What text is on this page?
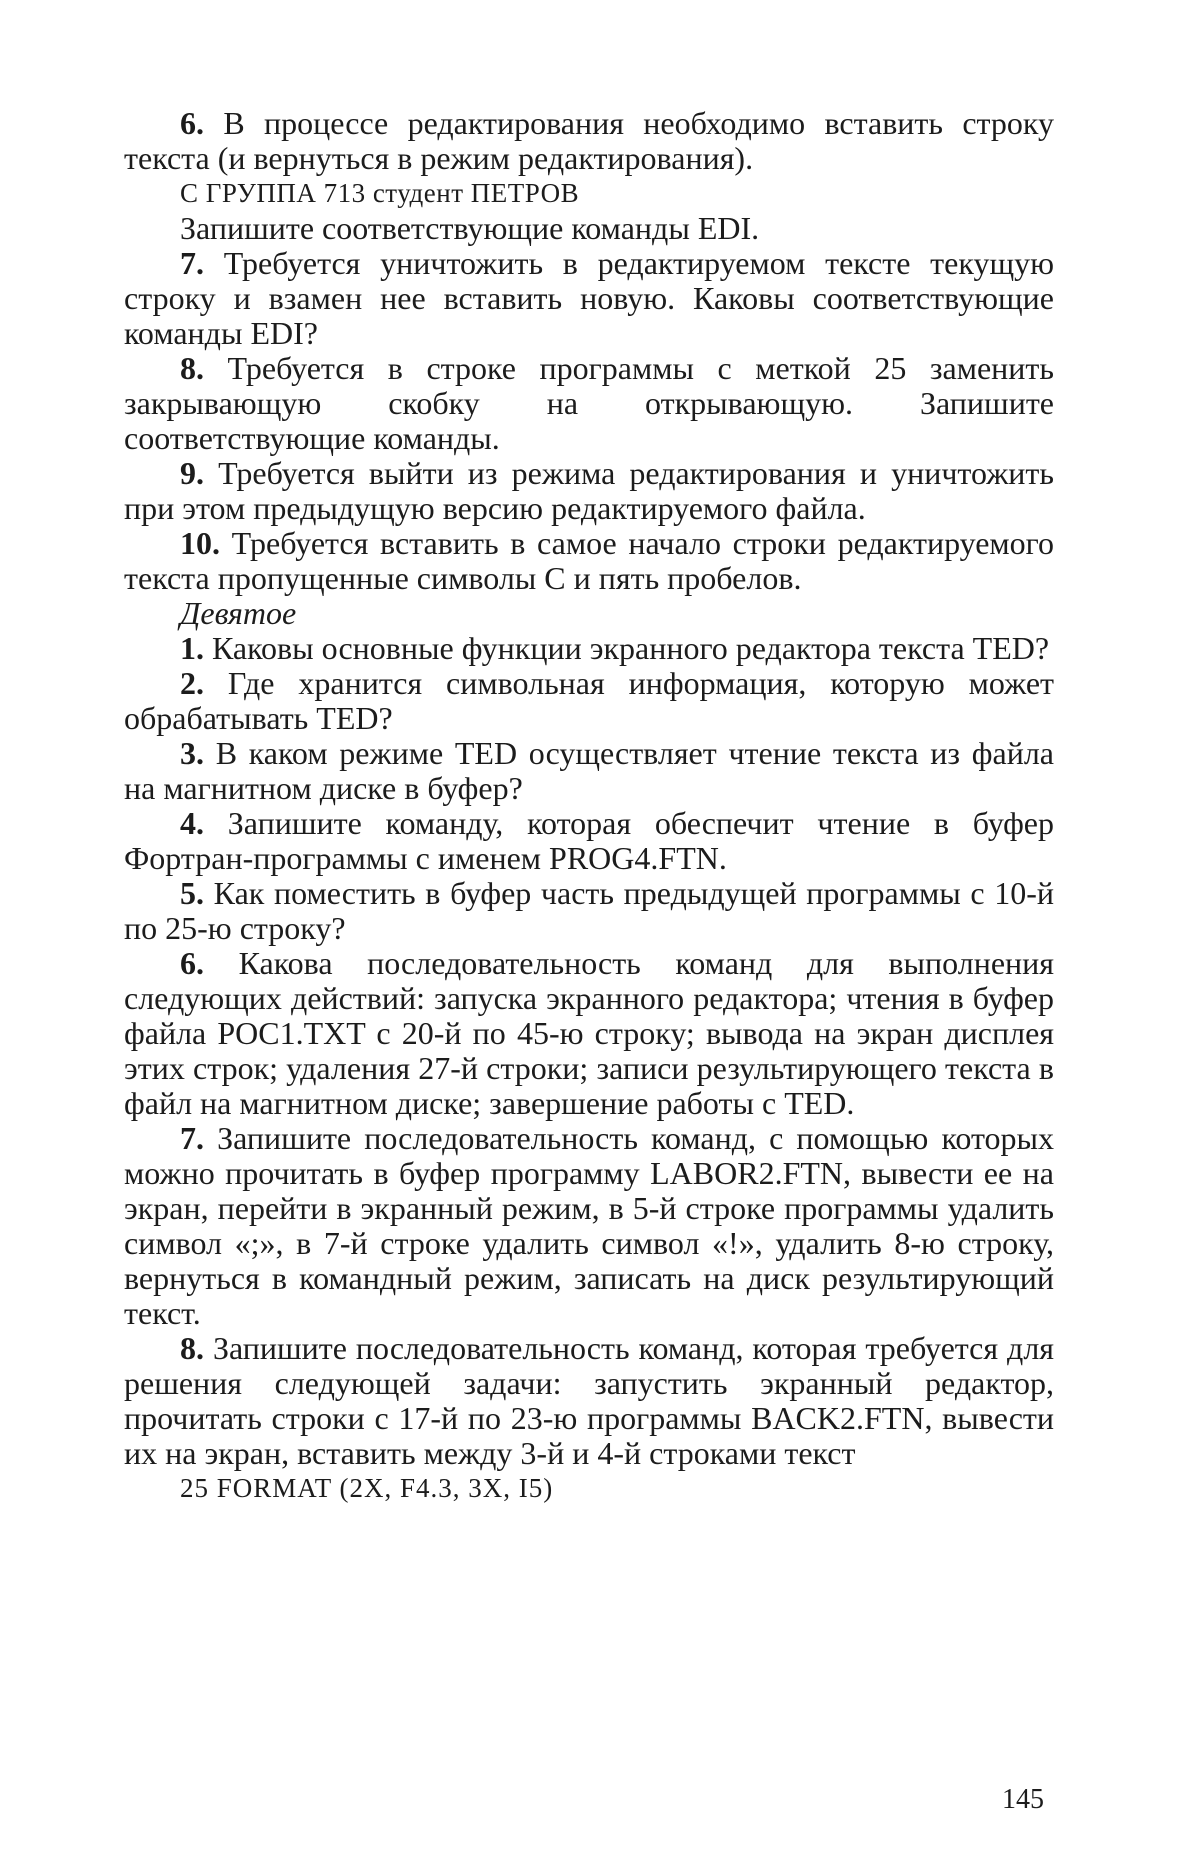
6. В процессе редактирования необходимо вставить строку текста (и вернуться в режим редактирования).

C ГРУППА 713 студент ПЕТРОВ

Запишите соответствующие команды EDI.

7. Требуется уничтожить в редактируемом тексте текущую строку и взамен нее вставить новую. Каковы соответствующие команды EDI?

8. Требуется в строке программы с меткой 25 заменить закрывающую скобку на открывающую. Запишите соответствующие команды.

9. Требуется выйти из режима редактирования и уничтожить при этом предыдущую версию редактируемого файла.

10. Требуется вставить в самое начало строки редактируемого текста пропущенные символы C и пять пробелов.

Девятое

1. Каковы основные функции экранного редактора текста TED?

2. Где хранится символьная информация, которую может обрабатывать TED?

3. В каком режиме TED осуществляет чтение текста из файла на магнитном диске в буфер?

4. Запишите команду, которая обеспечит чтение в буфер Фортран-программы с именем PROG4.FTN.

5. Как поместить в буфер часть предыдущей программы с 10-й по 25-ю строку?

6. Какова последовательность команд для выполнения следующих действий: запуска экранного редактора; чтения в буфер файла POC1.TXT с 20-й по 45-ю строку; вывода на экран дисплея этих строк; удаления 27-й строки; записи результирующего текста в файл на магнитном диске; завершение работы с TED.

7. Запишите последовательность команд, с помощью которых можно прочитать в буфер программу LABOR2.FTN, вывести ее на экран, перейти в экранный режим, в 5-й строке программы удалить символ «;», в 7-й строке удалить символ «!», удалить 8-ю строку, вернуться в командный режим, записать на диск результирующий текст.

8. Запишите последовательность команд, которая требуется для решения следующей задачи: запустить экранный редактор, прочитать строки с 17-й по 23-ю программы BACK2.FTN, вывести их на экран, вставить между 3-й и 4-й строками текст

25 FORMAT (2X, F4.3, 3X, I5)

145
